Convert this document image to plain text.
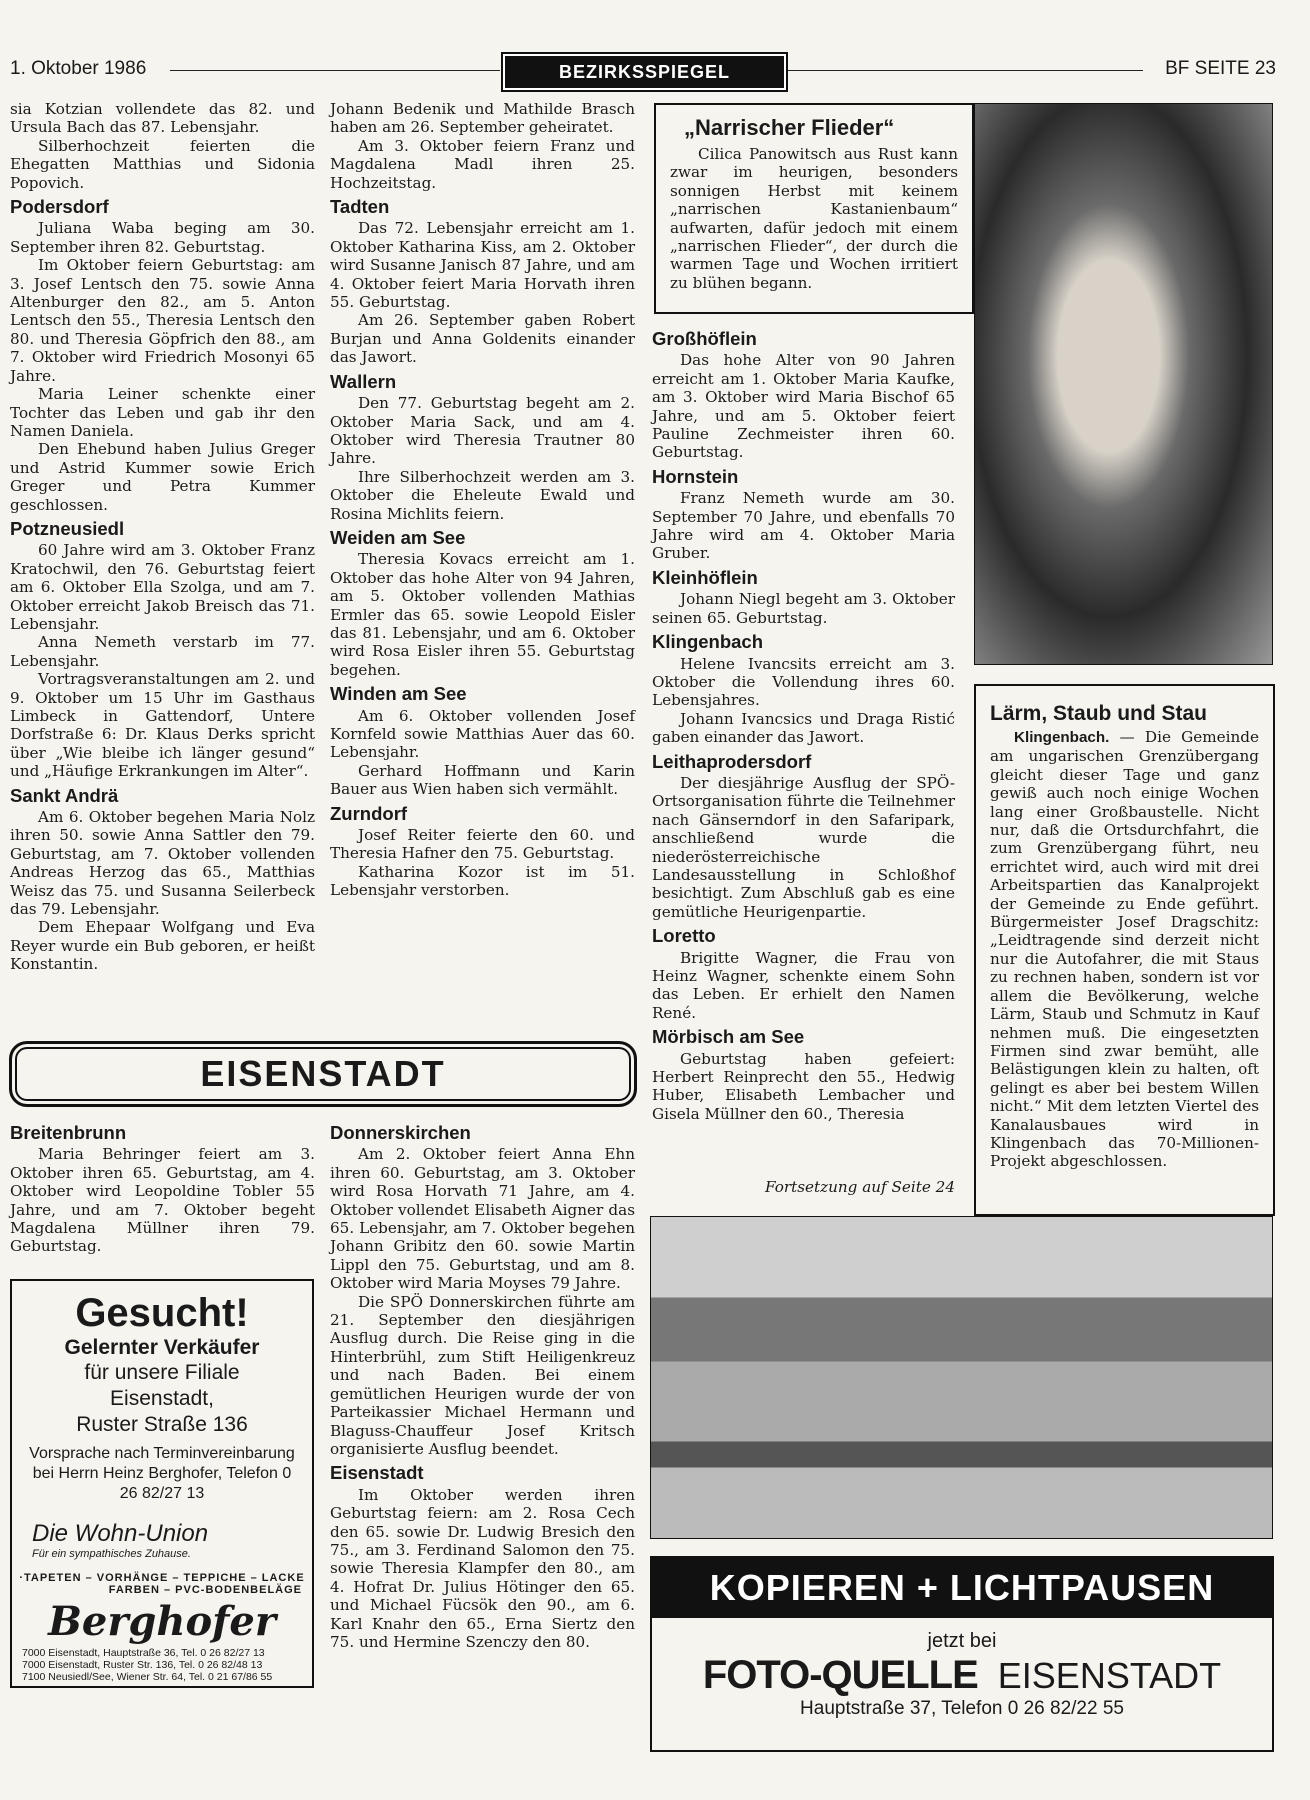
1. Oktober 1986	BEZIRKSSPIEGEL	BF SEITE 23

sia Kotzian vollendete das 82. und Ursula Bach das 87. Lebensjahr.

Silberhochzeit feierten die Ehegatten Matthias und Sidonia Popovich.

Podersdorf

Juliana Waba beging am 30. September ihren 82. Geburtstag.

Im Oktober feiern Geburtstag: am 3. Josef Lentsch den 75. sowie Anna Altenburger den 82., am 5. Anton Lentsch den 55., Theresia Lentsch den 80. und Theresia Göpfrich den 88., am 7. Oktober wird Friedrich Mosonyi 65 Jahre.

Maria Leiner schenkte einer Tochter das Leben und gab ihr den Namen Daniela.

Den Ehebund haben Julius Greger und Astrid Kummer sowie Erich Greger und Petra Kummer geschlossen.

Potzneusiedl

60 Jahre wird am 3. Oktober Franz Kratochwil, den 76. Geburtstag feiert am 6. Oktober Ella Szolga, und am 7. Oktober erreicht Jakob Breisch das 71. Lebensjahr.

Anna Nemeth verstarb im 77. Lebensjahr.

Vortragsveranstaltungen am 2. und 9. Oktober um 15 Uhr im Gasthaus Limbeck in Gattendorf, Untere Dorfstraße 6: Dr. Klaus Derks spricht über „Wie bleibe ich länger gesund“ und „Häufige Erkrankungen im Alter“.

Sankt Andrä

Am 6. Oktober begehen Maria Nolz ihren 50. sowie Anna Sattler den 79. Geburtstag, am 7. Oktober vollenden Andreas Herzog das 65., Matthias Weisz das 75. und Susanna Seilerbeck das 79. Lebensjahr.

Dem Ehepaar Wolfgang und Eva Reyer wurde ein Bub geboren, er heißt Konstantin.

Johann Bedenik und Mathilde Brasch haben am 26. September geheiratet.

Am 3. Oktober feiern Franz und Magdalena Madl ihren 25. Hochzeitstag.

Tadten

Das 72. Lebensjahr erreicht am 1. Oktober Katharina Kiss, am 2. Oktober wird Susanne Janisch 87 Jahre, und am 4. Oktober feiert Maria Horvath ihren 55. Geburtstag.

Am 26. September gaben Robert Burjan und Anna Goldenits einander das Jawort.

Wallern

Den 77. Geburtstag begeht am 2. Oktober Maria Sack, und am 4. Oktober wird Theresia Trautner 80 Jahre.

Ihre Silberhochzeit werden am 3. Oktober die Eheleute Ewald und Rosina Michlits feiern.

Weiden am See

Theresia Kovacs erreicht am 1. Oktober das hohe Alter von 94 Jahren, am 5. Oktober vollenden Mathias Ermler das 65. sowie Leopold Eisler das 81. Lebensjahr, und am 6. Oktober wird Rosa Eisler ihren 55. Geburtstag begehen.

Winden am See

Am 6. Oktober vollenden Josef Kornfeld sowie Matthias Auer das 60. Lebensjahr.

Gerhard Hoffmann und Karin Bauer aus Wien haben sich vermählt.

Zurndorf

Josef Reiter feierte den 60. und Theresia Hafner den 75. Geburtstag.

Katharina Kozor ist im 51. Lebensjahr verstorben.

EISENSTADT
Breitenbrunn

Maria Behringer feiert am 3. Oktober ihren 65. Geburtstag, am 4. Oktober wird Leopoldine Tobler 55 Jahre, und am 7. Oktober begeht Magdalena Müllner ihren 79. Geburtstag.

Donnerskirchen

Am 2. Oktober feiert Anna Ehn ihren 60. Geburtstag, am 3. Oktober wird Rosa Horvath 71 Jahre, am 4. Oktober vollendet Elisabeth Aigner das 65. Lebensjahr, am 7. Oktober begehen Johann Gribitz den 60. sowie Martin Lippl den 75. Geburtstag, und am 8. Oktober wird Maria Moyses 79 Jahre.

Die SPÖ Donnerskirchen führte am 21. September den diesjährigen Ausflug durch. Die Reise ging in die Hinterbrühl, zum Stift Heiligenkreuz und nach Baden. Bei einem gemütlichen Heurigen wurde der von Parteikassier Michael Hermann und Blaguss-Chauffeur Josef Kritsch organisierte Ausflug beendet.

Eisenstadt

Im Oktober werden ihren Geburtstag feiern: am 2. Rosa Cech den 65. sowie Dr. Ludwig Bresich den 75., am 3. Ferdinand Salomon den 75. sowie Theresia Klampfer den 80., am 4. Hofrat Dr. Julius Hötinger den 65. und Michael Fücsök den 90., am 6. Karl Knahr den 65., Erna Siertz den 75. und Hermine Szenczy den 80.

„Narrischer Flieder“
Cilica Panowitsch aus Rust kann zwar im heurigen, besonders sonnigen Herbst mit keinem „narrischen Kastanienbaum“ aufwarten, dafür jedoch mit einem „narrischen Flieder“, der durch die warmen Tage und Wochen irritiert zu blühen begann.
Großhöflein

Das hohe Alter von 90 Jahren erreicht am 1. Oktober Maria Kaufke, am 3. Oktober wird Maria Bischof 65 Jahre, und am 5. Oktober feiert Pauline Zechmeister ihren 60. Geburtstag.

Hornstein

Franz Nemeth wurde am 30. September 70 Jahre, und ebenfalls 70 Jahre wird am 4. Oktober Maria Gruber.

Kleinhöflein

Johann Niegl begeht am 3. Oktober seinen 65. Geburtstag.

Klingenbach

Helene Ivancsits erreicht am 3. Oktober die Vollendung ihres 60. Lebensjahres.

Johann Ivancsics und Draga Ristić gaben einander das Jawort.

Leithaprodersdorf

Der diesjährige Ausflug der SPÖ-Ortsorganisation führte die Teilnehmer nach Gänserndorf in den Safaripark, anschließend wurde die niederösterreichische Landesausstellung in Schloßhof besichtigt. Zum Abschluß gab es eine gemütliche Heurigenpartie.

Loretto

Brigitte Wagner, die Frau von Heinz Wagner, schenkte einem Sohn das Leben. Er erhielt den Namen René.

Mörbisch am See

Geburtstag haben gefeiert: Herbert Reinprecht den 55., Hedwig Huber, Elisabeth Lembacher und Gisela Müllner den 60., Theresia

Fortsetzung auf Seite 24
Lärm, Staub und Stau
Klingenbach. — Die Gemeinde am ungarischen Grenzübergang gleicht dieser Tage und ganz gewiß auch noch einige Wochen lang einer Großbaustelle. Nicht nur, daß die Ortsdurchfahrt, die zum Grenzübergang führt, neu errichtet wird, auch wird mit drei Arbeitspartien das Kanalprojekt der Gemeinde zu Ende geführt. Bürgermeister Josef Dragschitz: „Leidtragende sind derzeit nicht nur die Autofahrer, die mit Staus zu rechnen haben, sondern ist vor allem die Bevölkerung, welche Lärm, Staub und Schmutz in Kauf nehmen muß. Die eingesetzten Firmen sind zwar bemüht, alle Belästigungen klein zu halten, oft gelingt es aber bei bestem Willen nicht.“ Mit dem letzten Viertel des Kanalausbaues wird in Klingenbach das 70-Millionen-Projekt abgeschlossen.
Gesucht!
Gelernter Verkäufer
für unsere Filiale
Eisenstadt,
Ruster Straße 136
Vorsprache nach Terminvereinbarung bei Herrn Heinz Berghofer, Telefon 0 26 82/27 13
Die Wohn-Union
Für ein sympathisches Zuhause.
·TAPETEN – VORHÄNGE – TEPPICHE – LACKE
FARBEN – PVC-BODENBELÄGE
Berghofer
7000 Eisenstadt, Hauptstraße 36, Tel. 0 26 82/27 13
7000 Eisenstadt, Ruster Str. 136, Tel. 0 26 82/48 13
7100 Neusiedl/See, Wiener Str. 64, Tel. 0 21 67/86 55
KOPIEREN + LICHTPAUSEN
jetzt bei
FOTO-QUELLE EISENSTADT
Hauptstraße 37, Telefon 0 26 82/22 55
